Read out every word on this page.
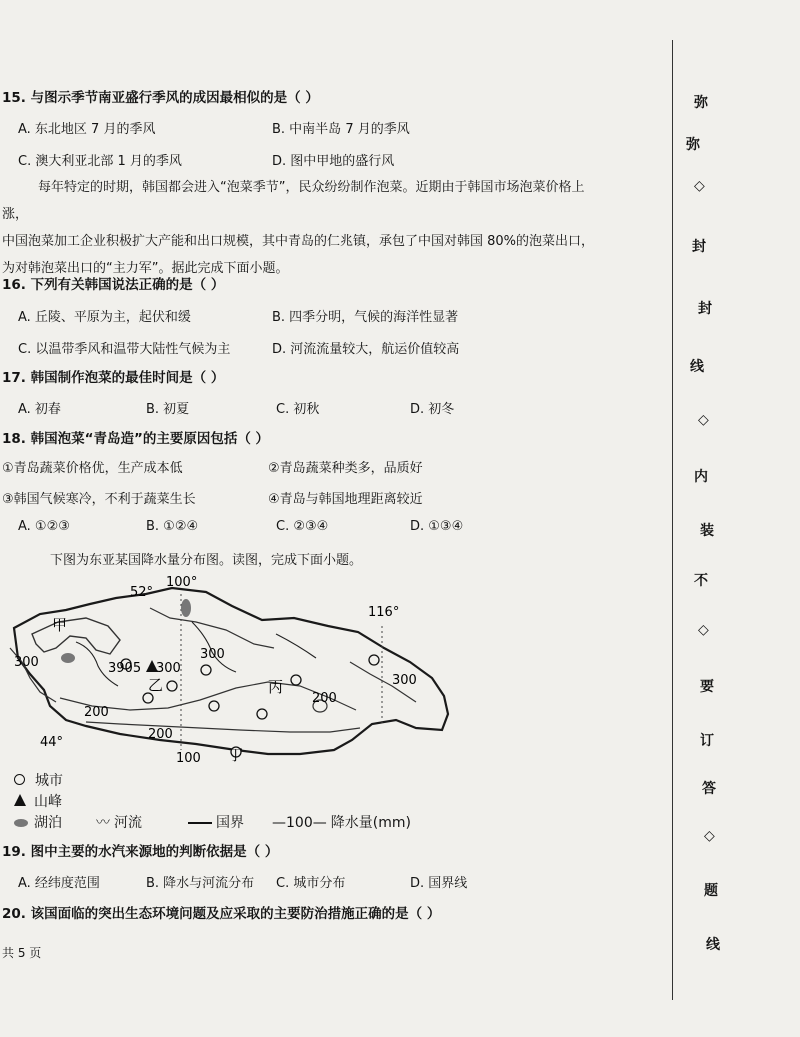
15. 与图示季节南亚盛行季风的成因最相似的是（ ）
A. 东北地区 7 月的季风	B. 中南半岛 7 月的季风
C. 澳大利亚北部 1 月的季风	D. 图中甲地的盛行风

每年特定的时期，韩国都会进入“泡菜季节”，民众纷纷制作泡菜。近期由于韩国市场泡菜价格上涨，

中国泡菜加工企业积极扩大产能和出口规模，其中青岛的仁兆镇，承包了中国对韩国 80%的泡菜出口，

为对韩泡菜出口的“主力军”。据此完成下面小题。

16. 下列有关韩国说法正确的是（ ）
A. 丘陵、平原为主，起伏和缓	B. 四季分明，气候的海洋性显著
C. 以温带季风和温带大陆性气候为主	D. 河流流量较大，航运价值较高
17. 韩国制作泡菜的最佳时间是（ ）
A. 初春	B. 初夏	C. 初秋	D. 初冬
18. 韩国泡菜“青岛造”的主要原因包括（ ）
①青岛蔬菜价格优，生产成本低	②青岛蔬菜种类多，品质好
③韩国气候寒冷，不利于蔬菜生长	④青岛与韩国地理距离较近
A. ①②③	B. ①②④	C. ②③④	D. ①③④
下图为东亚某国降水量分布图。读图，完成下面小题。
52°
100°
116°
44°
甲
乙	丙
丁
3905 300
300
300
300
200
200
200
100
城市
山峰
湖泊 〰 河流	国界 —100— 降水量(mm)
19. 图中主要的水汽来源地的判断依据是（ ）
A. 经纬度范围	B. 降水与河流分布 C. 城市分布	D. 国界线
20. 该国面临的突出生态环境问题及应采取的主要防治措施正确的是（ ）
共 5 页
弥
弥
◇
封
封
线
◇
内
装
不
◇
要
订
答
◇
题
线
